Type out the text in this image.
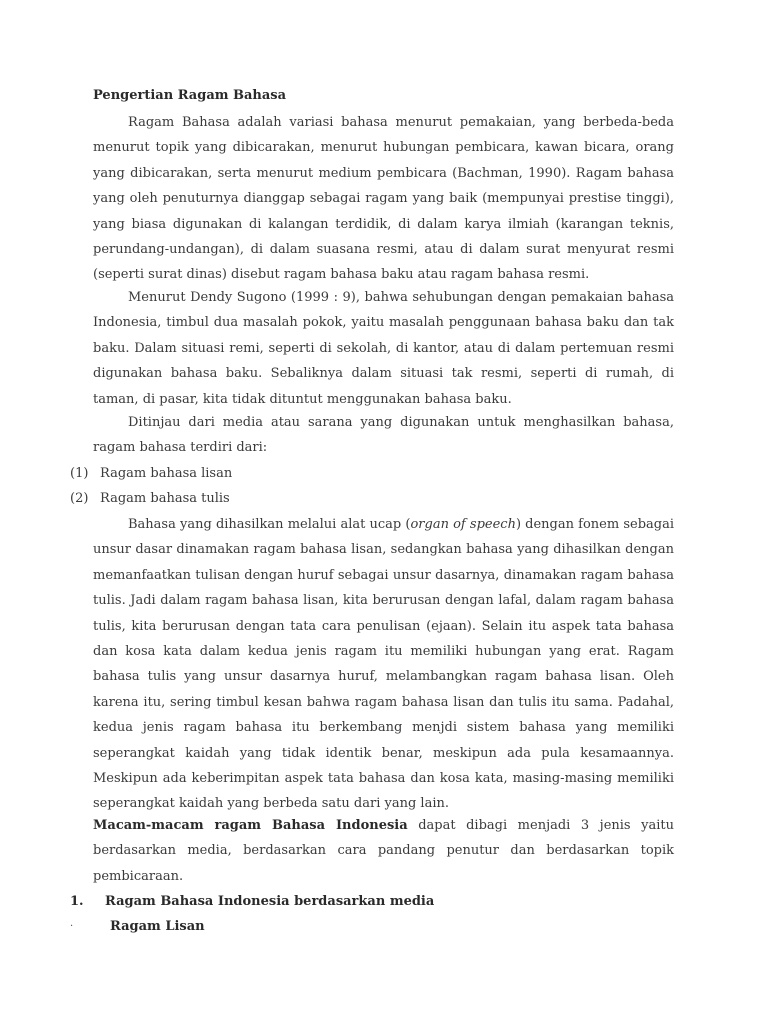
Pengertian Ragam Bahasa

Ragam Bahasa adalah variasi bahasa menurut pemakaian, yang berbeda-beda menurut topik yang dibicarakan, menurut hubungan pembicara, kawan bicara, orang yang dibicarakan, serta menurut medium pembicara (Bachman, 1990). Ragam bahasa yang oleh penuturnya dianggap sebagai ragam yang baik (mempunyai prestise tinggi), yang biasa digunakan di kalangan terdidik, di dalam karya ilmiah (karangan teknis, perundang-undangan), di dalam suasana resmi, atau di dalam surat menyurat resmi (seperti surat dinas) disebut ragam bahasa baku atau ragam bahasa resmi.

Menurut Dendy Sugono (1999 : 9), bahwa sehubungan dengan pemakaian bahasa Indonesia, timbul dua masalah pokok, yaitu masalah penggunaan bahasa baku dan tak baku. Dalam situasi remi, seperti di sekolah, di kantor, atau di dalam pertemuan resmi digunakan bahasa baku. Sebaliknya dalam situasi tak resmi, seperti di rumah, di taman, di pasar, kita tidak dituntut menggunakan bahasa baku.

Ditinjau dari media atau sarana yang digunakan untuk menghasilkan bahasa, ragam bahasa terdiri dari:

(1) Ragam bahasa lisan
(2) Ragam bahasa tulis

Bahasa yang dihasilkan melalui alat ucap (organ of speech) dengan fonem sebagai unsur dasar dinamakan ragam bahasa lisan, sedangkan bahasa yang dihasilkan dengan memanfaatkan tulisan dengan huruf sebagai unsur dasarnya, dinamakan ragam bahasa tulis. Jadi dalam ragam bahasa lisan, kita berurusan dengan lafal, dalam ragam bahasa tulis, kita berurusan dengan tata cara penulisan (ejaan). Selain itu aspek tata bahasa dan kosa kata dalam kedua jenis ragam itu memiliki hubungan yang erat. Ragam bahasa tulis yang unsur dasarnya huruf, melambangkan ragam bahasa lisan. Oleh karena itu, sering timbul kesan bahwa ragam bahasa lisan dan tulis itu sama. Padahal, kedua jenis ragam bahasa itu berkembang menjdi sistem bahasa yang memiliki seperangkat kaidah yang tidak identik benar, meskipun ada pula kesamaannya. Meskipun ada keberimpitan aspek tata bahasa dan kosa kata, masing-masing memiliki seperangkat kaidah yang berbeda satu dari yang lain.

Macam-macam ragam Bahasa Indonesia dapat dibagi menjadi 3 jenis yaitu berdasarkan media, berdasarkan cara pandang penutur dan berdasarkan topik pembicaraan.

1.	Ragam Bahasa Indonesia berdasarkan media
·	Ragam Lisan
